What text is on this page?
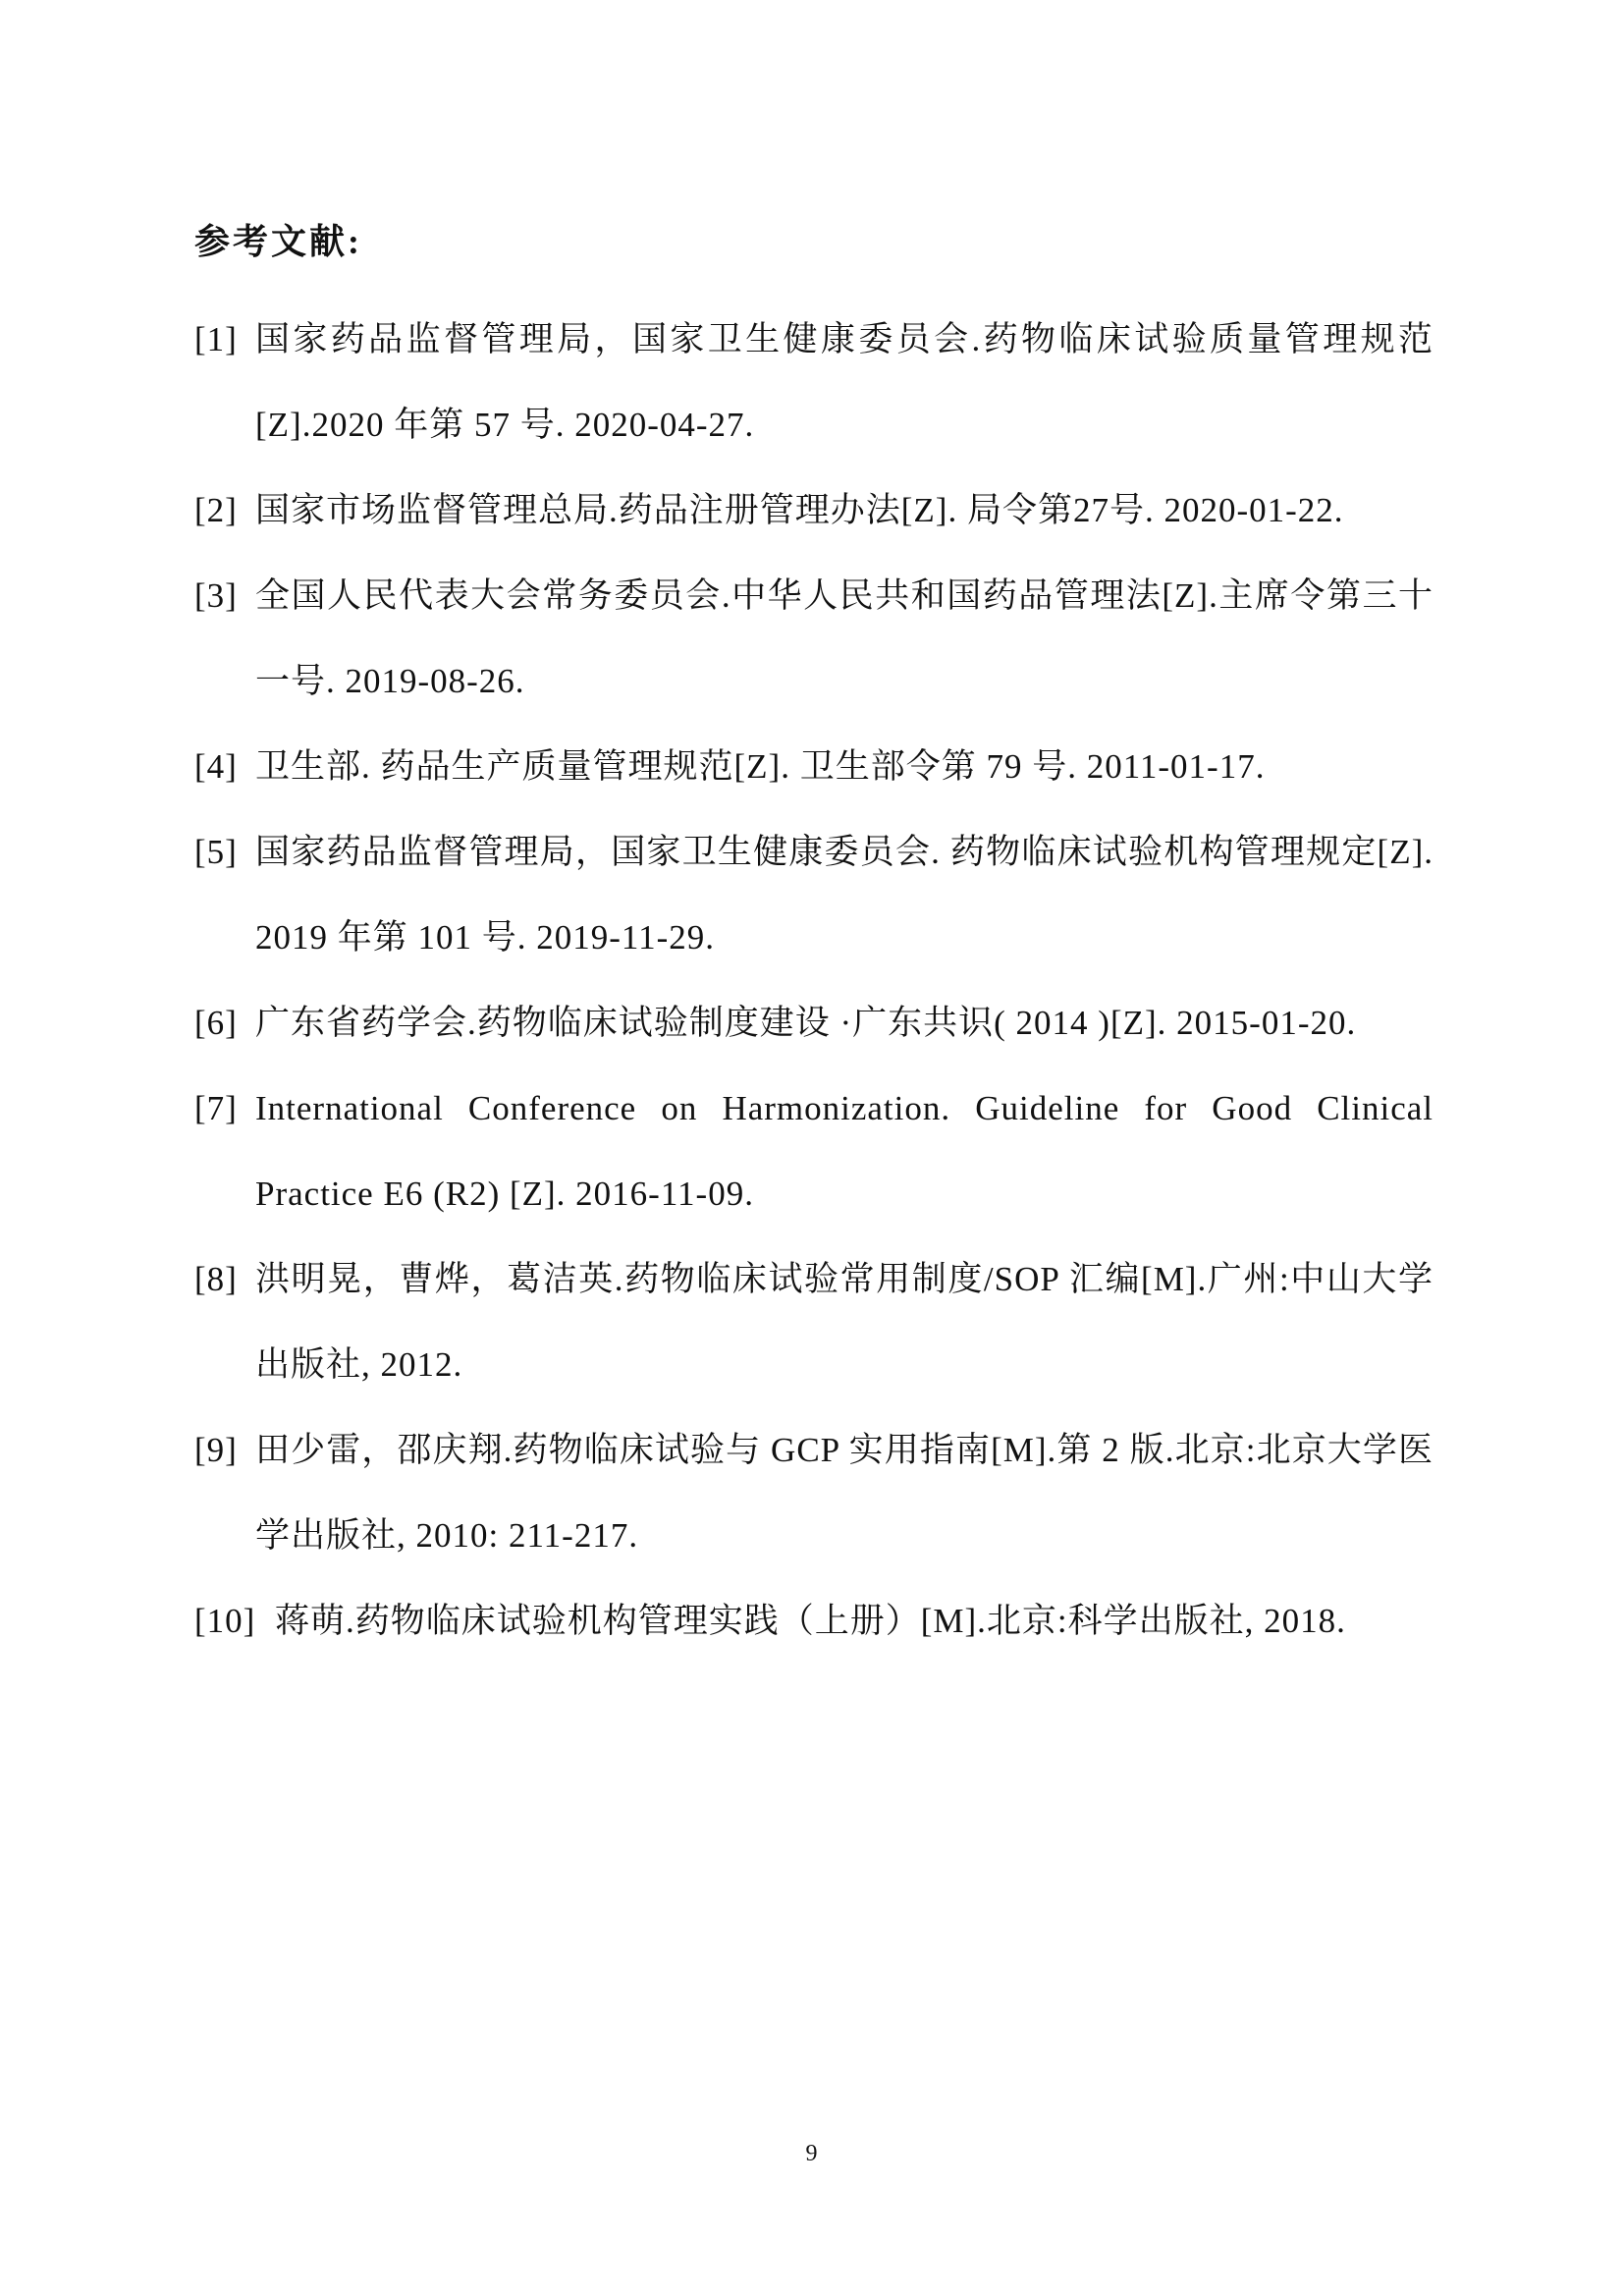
参考文献:
[1] 国家药品监督管理局，国家卫生健康委员会.药物临床试验质量管理规范[Z].2020 年第 57 号. 2020-04-27.
[2] 国家市场监督管理总局.药品注册管理办法[Z]. 局令第27号. 2020-01-22.
[3] 全国人民代表大会常务委员会.中华人民共和国药品管理法[Z].主席令第三十一号. 2019-08-26.
[4] 卫生部. 药品生产质量管理规范[Z]. 卫生部令第 79 号. 2011-01-17.
[5] 国家药品监督管理局，国家卫生健康委员会. 药物临床试验机构管理规定[Z]. 2019 年第 101 号. 2019-11-29.
[6] 广东省药学会.药物临床试验制度建设 ·广东共识( 2014 )[Z]. 2015-01-20.
[7] International Conference on Harmonization. Guideline for Good Clinical Practice E6 (R2) [Z]. 2016-11-09.
[8] 洪明晃，曹烨，葛洁英.药物临床试验常用制度/SOP 汇编[M].广州:中山大学出版社, 2012.
[9] 田少雷，邵庆翔.药物临床试验与 GCP 实用指南[M].第 2 版.北京:北京大学医学出版社, 2010: 211-217.
[10] 蒋萌.药物临床试验机构管理实践（上册）[M].北京:科学出版社, 2018.
9
